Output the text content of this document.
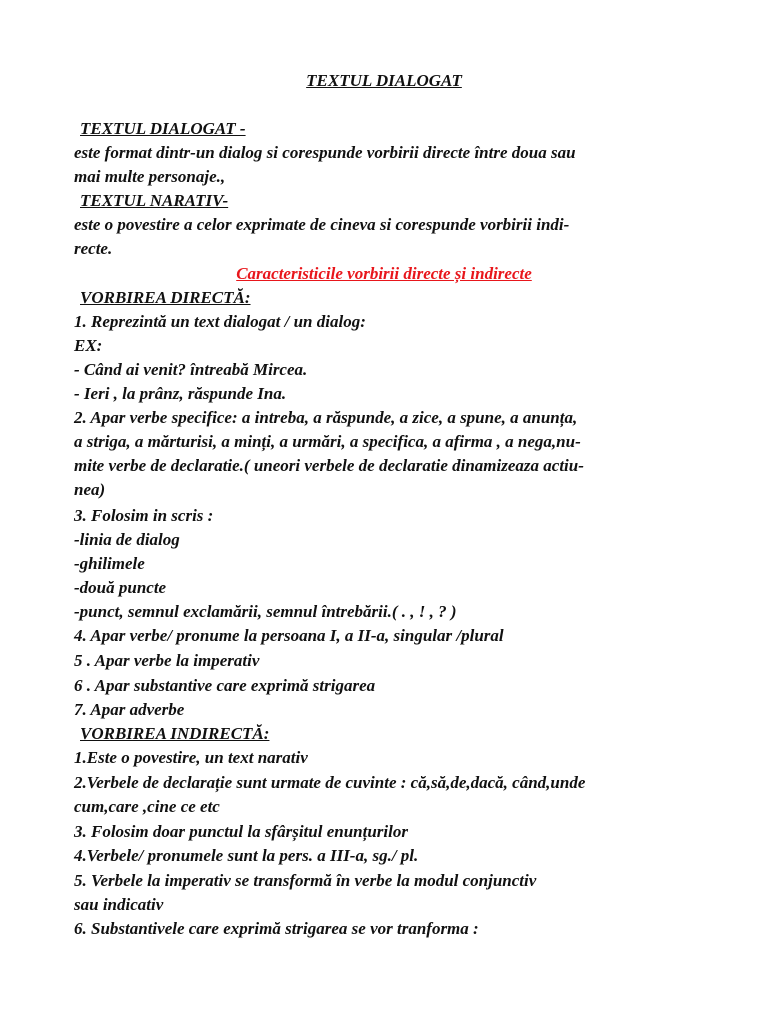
TEXTUL DIALOGAT
TEXTUL DIALOGAT -
este format dintr-un dialog si corespunde vorbirii directe între doua sau
mai multe personaje.,
TEXTUL NARATIV-
este o povestire a celor exprimate de cineva si corespunde vorbirii indi-
recte.
Caracteristicile vorbirii directe și indirecte
VORBIREA DIRECTĂ:
1. Reprezintă un text dialogat / un dialog:
EX:
- Când ai venit? întreabă Mircea.
- Ieri , la prânz, răspunde Ina.
2. Apar verbe specifice: a intreba, a răspunde, a zice, a spune, a anunța,
a striga, a mărturisi, a minți, a urmări, a specifica, a afirma , a nega,nu-
mite verbe de declaratie.( uneori verbele de declaratie dinamizeaza actiu-
nea)
3. Folosim in scris :
-linia de dialog
-ghilimele
-două puncte
-punct, semnul exclamării, semnul întrebării.( . , ! , ? )
4. Apar verbe/ pronume la persoana I, a II-a, singular /plural
5 . Apar verbe la imperativ
6 . Apar substantive care exprimă strigarea
7. Apar adverbe
VORBIREA INDIRECTĂ:
1.Este o povestire, un text narativ
2.Verbele de declarație sunt urmate de cuvinte : că,să,de,dacă, când,unde
cum,care ,cine ce etc
3. Folosim doar punctul la sfârșitul enunțurilor
4.Verbele/ pronumele sunt la pers. a III-a, sg./ pl.
5. Verbele la imperativ se transformă în verbe la modul conjunctiv
sau indicativ
6. Substantivele care exprimă strigarea se vor tranforma :
